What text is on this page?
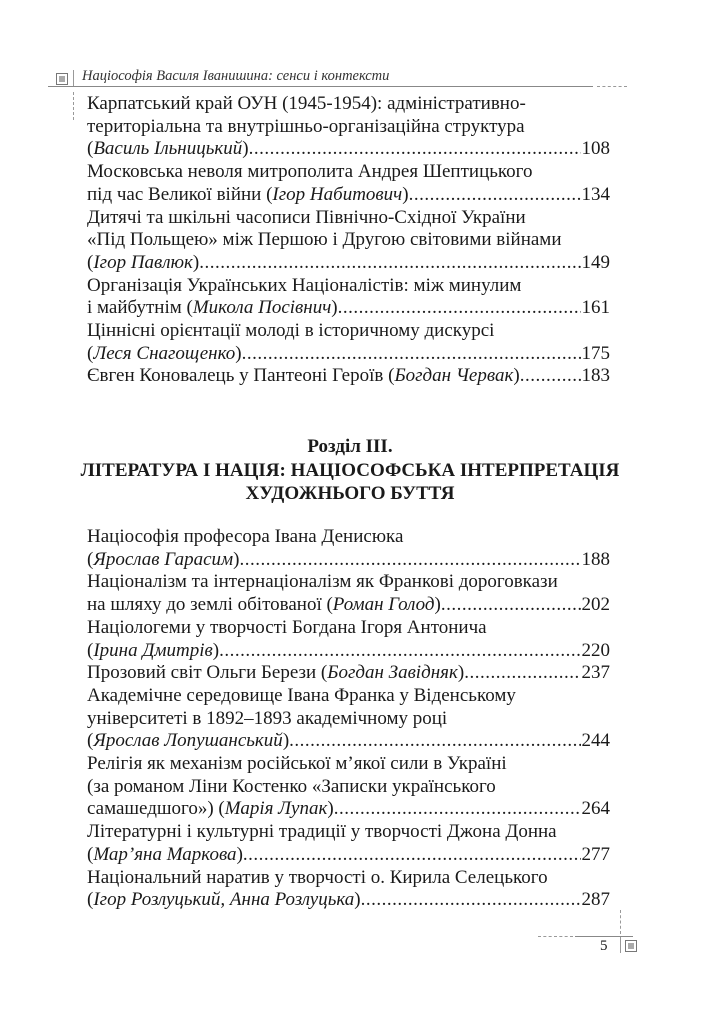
Націософія Василя Іванишина: сенси і контексти
Карпатський край ОУН (1945-1954): адміністративно-
територіальна та внутрішньо-організаційна структура
( Василь Ільницький ) .....	108
Московська неволя митрополита Андрея Шептицького
під час Великої війни ( Ігор Набитович ) .....	134
Дитячі та шкільні часописи Північно-Східної України
«Під Польщею» між Першою і Другою світовими війнами
( Ігор Павлюк ) .....	149
Організація Українських Націоналістів: між минулим
і майбутнім ( Микола Посівнич ) .....	161
Ціннісні орієнтації молоді в історичному дискурсі
( Леся Снагощенко ) .....	175
Євген Коновалець у Пантеоні Героїв ( Богдан Червак ) .....	183
Розділ ІІІ.
ЛІТЕРАТУРА І НАЦІЯ: НАЦІОСОФСЬКА ІНТЕРПРЕТАЦІЯ
ХУДОЖНЬОГО БУТТЯ
Націософія професора Івана Денисюка
( Ярослав Гарасим ) .....	188
Націоналізм та інтернаціоналізм як Франкові дороговкази
на шляху до землі обітованої ( Роман Голод ) .....	202
Націологеми у творчості Богдана Ігоря Антонича
( Ірина Дмитрів ) .....	220
Прозовий світ Ольги Берези ( Богдан Завідняк ) .....	237
Академічне середовище Івана Франка у Віденському
університеті в 1892–1893 академічному році
( Ярослав Лопушанський ) .....	244
Релігія як механізм російської м’якої сили в Україні
(за романом Ліни Костенко «Записки українського
самашедшого») ( Марія Лупак ) .....	264
Літературні і культурні традиції у творчості Джона Донна
( Мар’яна Маркова ) .....	277
Національний наратив у творчості о. Кирила Селецького
( Ігор Розлуцький, Анна Розлуцька ) .....	287
5
